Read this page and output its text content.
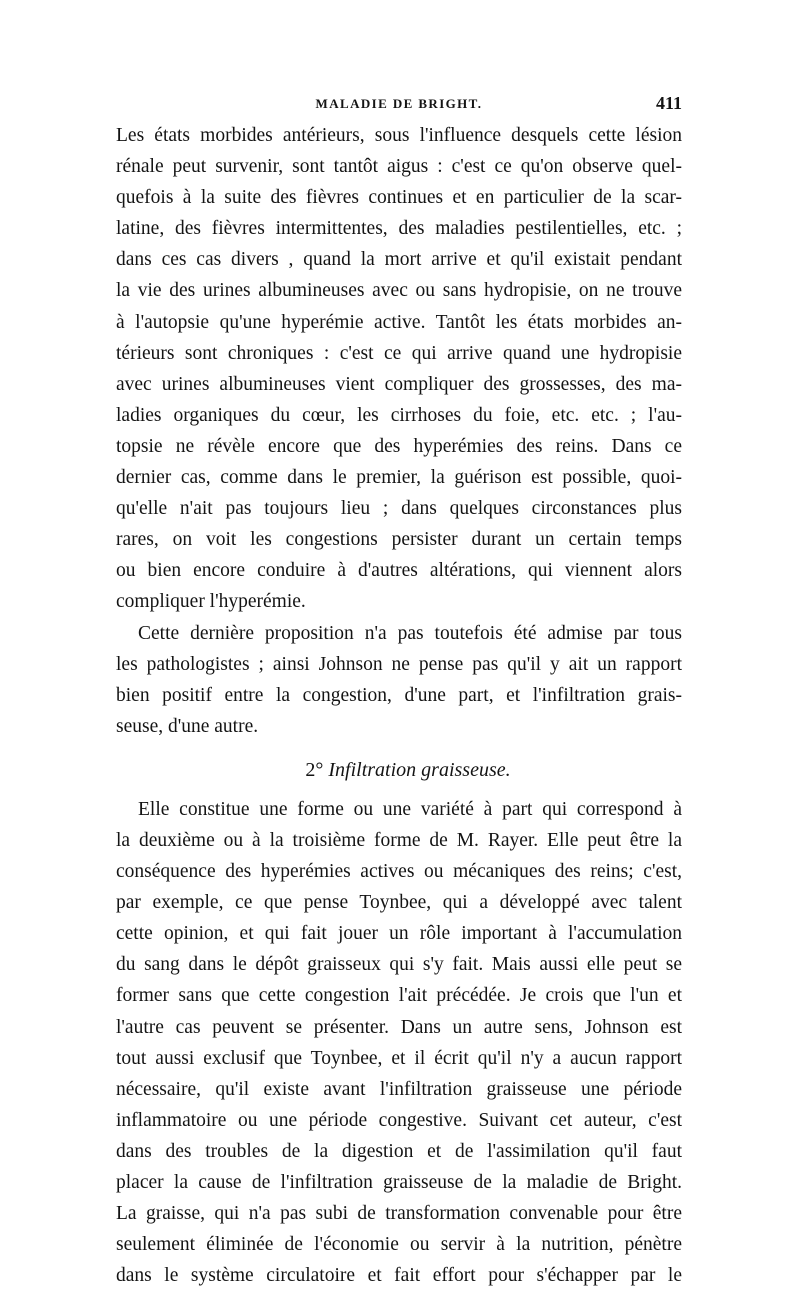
MALADIE DE BRIGHT.	411
Les états morbides antérieurs, sous l'influence desquels cette lésion
rénale peut survenir, sont tantôt aigus : c'est ce qu'on observe quel-
quefois à la suite des fièvres continues et en particulier de la scar-
latine, des fièvres intermittentes, des maladies pestilentielles, etc. ;
dans ces cas divers , quand la mort arrive et qu'il existait pendant
la vie des urines albumineuses avec ou sans hydropisie, on ne trouve
à l'autopsie qu'une hyperémie active. Tantôt les états morbides an-
térieurs sont chroniques : c'est ce qui arrive quand une hydropisie
avec urines albumineuses vient compliquer des grossesses, des ma-
ladies organiques du cœur, les cirrhoses du foie, etc. etc. ; l'au-
topsie ne révèle encore que des hyperémies des reins. Dans ce
dernier cas, comme dans le premier, la guérison est possible, quoi-
qu'elle n'ait pas toujours lieu ; dans quelques circonstances plus
rares, on voit les congestions persister durant un certain temps
ou bien encore conduire à d'autres altérations, qui viennent alors
compliquer l'hyperémie.
Cette dernière proposition n'a pas toutefois été admise par tous
les pathologistes ; ainsi Johnson ne pense pas qu'il y ait un rapport
bien positif entre la congestion, d'une part, et l'infiltration grais-
seuse, d'une autre.
2° Infiltration graisseuse.
Elle constitue une forme ou une variété à part qui correspond à
la deuxième ou à la troisième forme de M. Rayer. Elle peut être la
conséquence des hyperémies actives ou mécaniques des reins; c'est,
par exemple, ce que pense Toynbee, qui a développé avec talent
cette opinion, et qui fait jouer un rôle important à l'accumulation
du sang dans le dépôt graisseux qui s'y fait. Mais aussi elle peut se
former sans que cette congestion l'ait précédée. Je crois que l'un et
l'autre cas peuvent se présenter. Dans un autre sens, Johnson est
tout aussi exclusif que Toynbee, et il écrit qu'il n'y a aucun rapport
nécessaire, qu'il existe avant l'infiltration graisseuse une période
inflammatoire ou une période congestive. Suivant cet auteur, c'est
dans des troubles de la digestion et de l'assimilation qu'il faut
placer la cause de l'infiltration graisseuse de la maladie de Bright.
La graisse, qui n'a pas subi de transformation convenable pour être
seulement éliminée de l'économie ou servir à la nutrition, pénètre
dans le système circulatoire et fait effort pour s'échapper par le
